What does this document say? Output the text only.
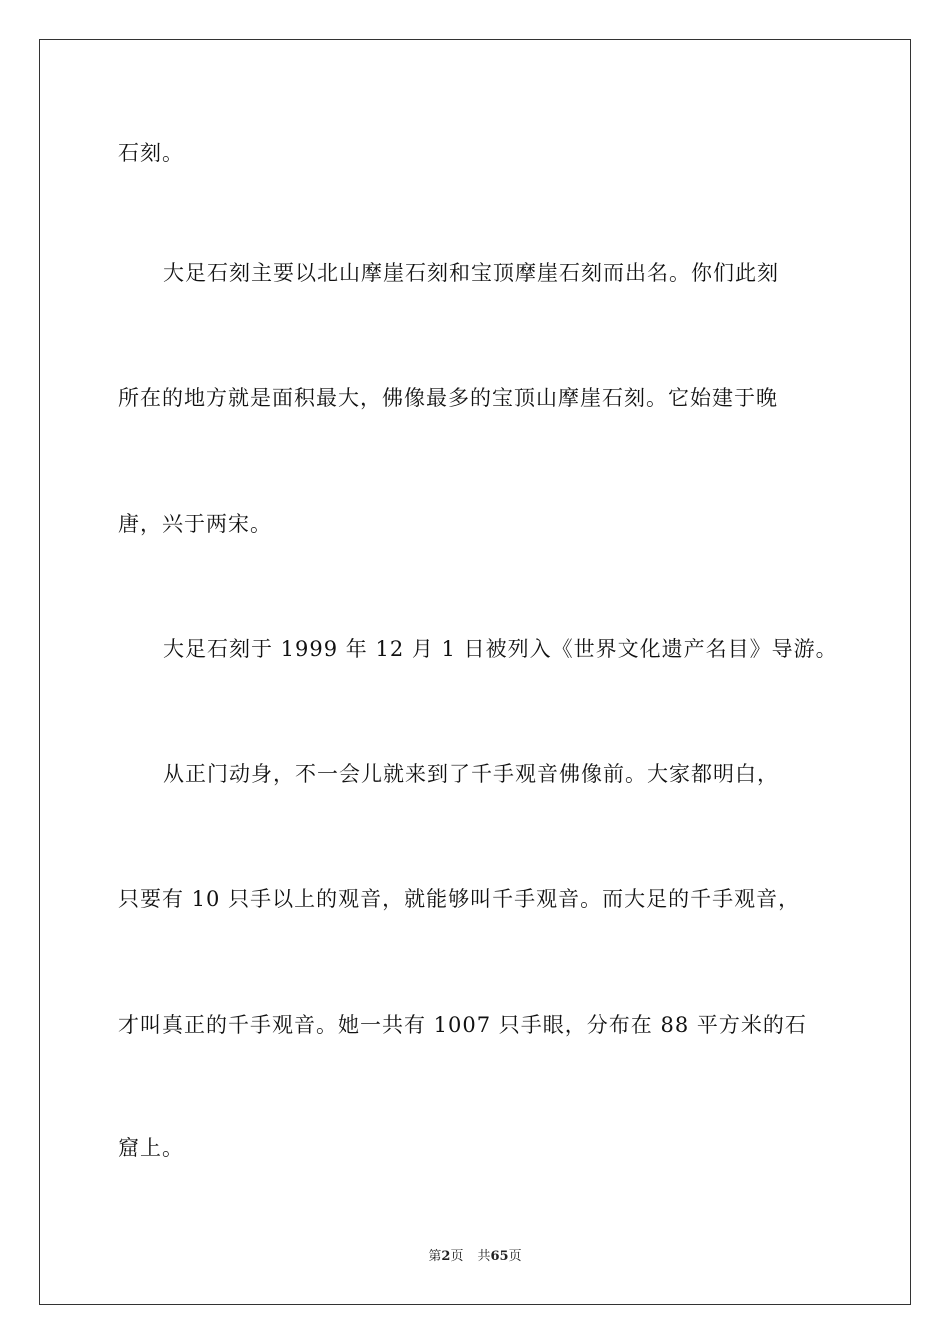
石刻。
大足石刻主要以北山摩崖石刻和宝顶摩崖石刻而出名。你们此刻
所在的地方就是面积最大，佛像最多的宝顶山摩崖石刻。它始建于晚
唐，兴于两宋。
大足石刻于 1999 年 12 月 1 日被列入《世界文化遗产名目》导游。
从正门动身，不一会儿就来到了千手观音佛像前。大家都明白，
只要有 10 只手以上的观音，就能够叫千手观音。而大足的千手观音，
才叫真正的千手观音。她一共有 1007 只手眼，分布在 88 平方米的石
窟上。
第2页 共65页
